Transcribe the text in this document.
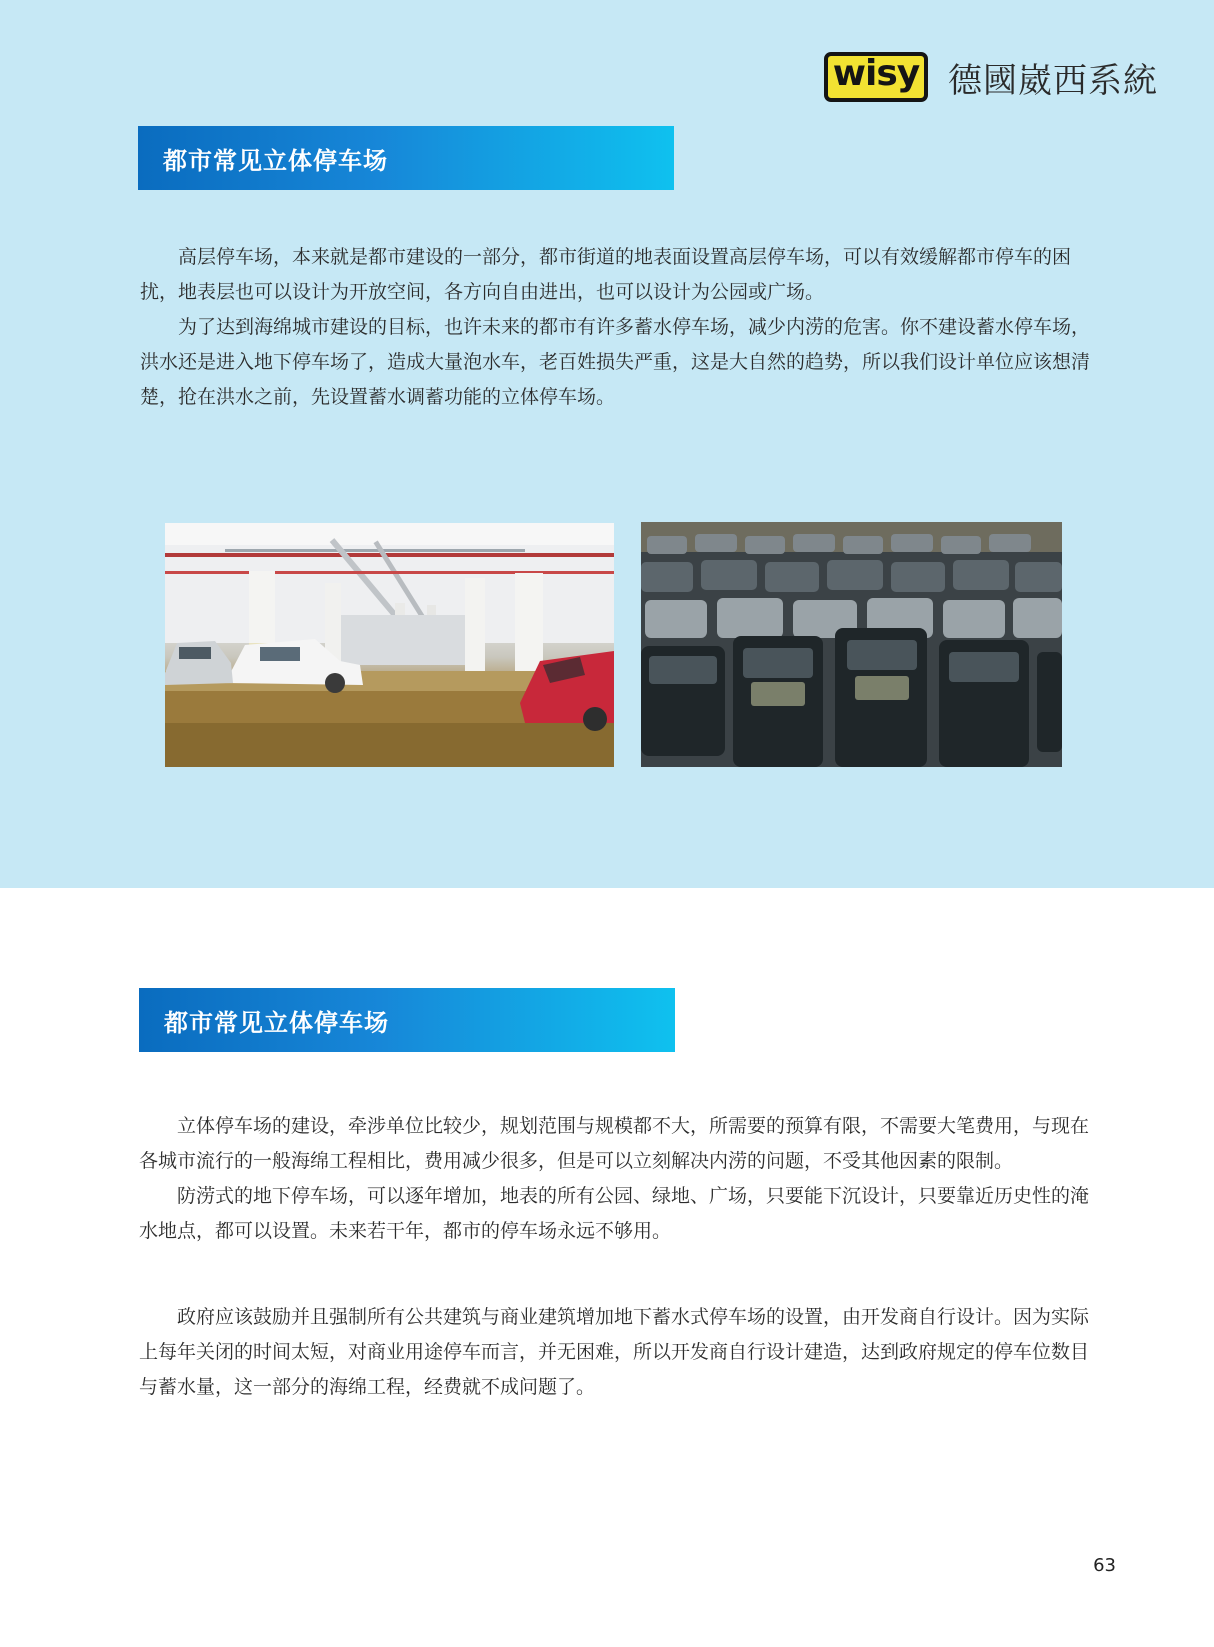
wisy 德國崴西系統
都市常见立体停车场

高层停车场，本来就是都市建设的一部分，都市街道的地表面设置高层停车场，可以有效缓解都市停车的困扰，地表层也可以设计为开放空间，各方向自由进出，也可以设计为公园或广场。

为了达到海绵城市建设的目标，也许未来的都市有许多蓄水停车场，减少内涝的危害。你不建设蓄水停车场，洪水还是进入地下停车场了，造成大量泡水车，老百姓损失严重，这是大自然的趋势，所以我们设计单位应该想清楚，抢在洪水之前，先设置蓄水调蓄功能的立体停车场。

都市常见立体停车场

立体停车场的建设，牵涉单位比较少，规划范围与规模都不大，所需要的预算有限，不需要大笔费用，与现在各城市流行的一般海绵工程相比，费用减少很多，但是可以立刻解决内涝的问题，不受其他因素的限制。

防涝式的地下停车场，可以逐年增加，地表的所有公园、绿地、广场，只要能下沉设计，只要靠近历史性的淹水地点，都可以设置。未来若干年，都市的停车场永远不够用。

政府应该鼓励并且强制所有公共建筑与商业建筑增加地下蓄水式停车场的设置，由开发商自行设计。因为实际上每年关闭的时间太短，对商业用途停车而言，并无困难，所以开发商自行设计建造，达到政府规定的停车位数目与蓄水量，这一部分的海绵工程，经费就不成问题了。

63
